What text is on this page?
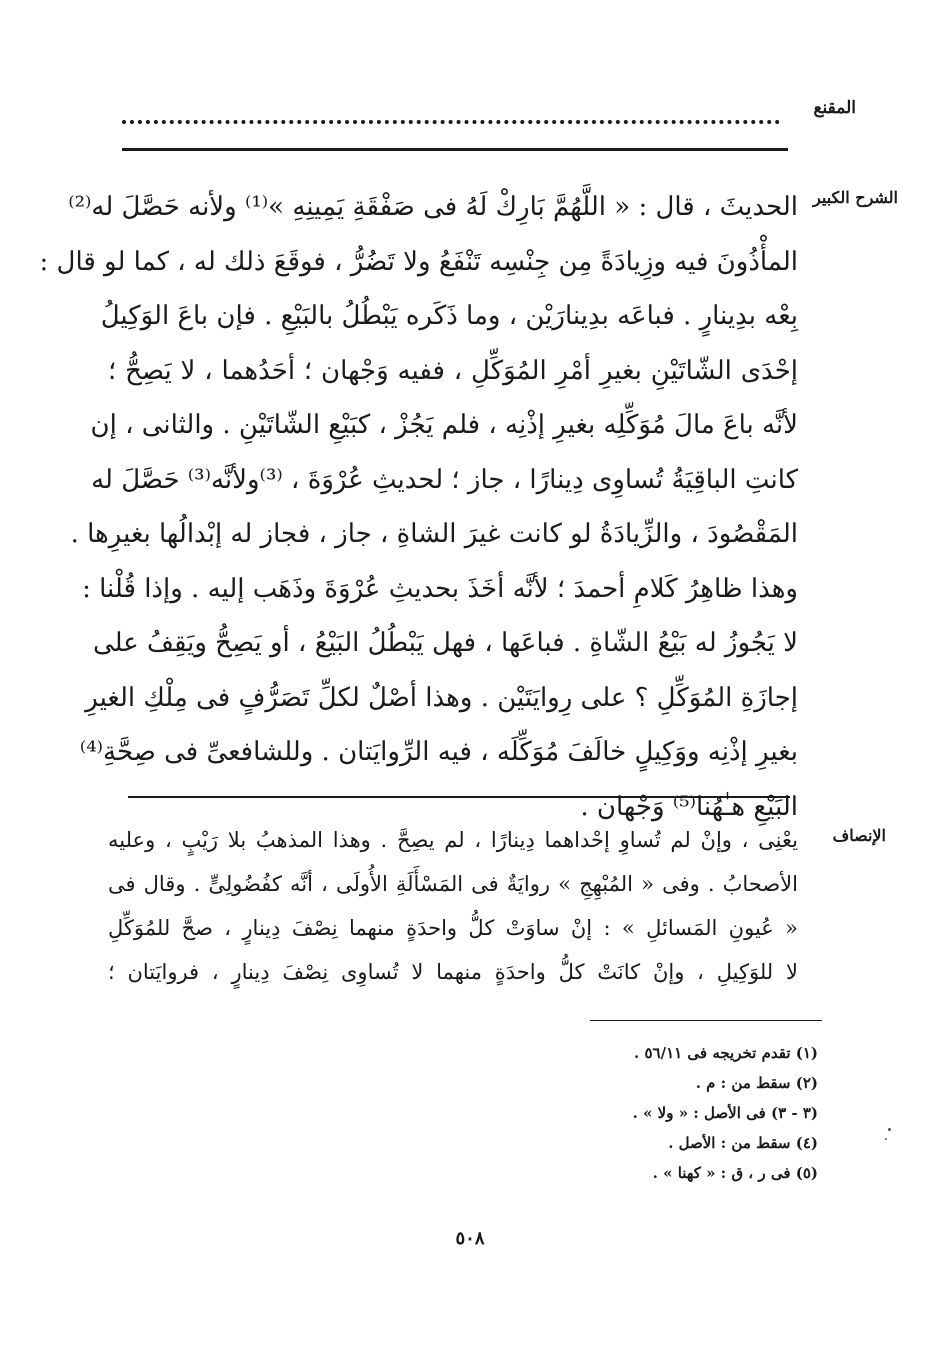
المقنع
الشرح الكبير
الحديثَ ، قال : « اللَّهُمَّ بَارِكْ لَهُ فى صَفْقَةِ يَمِينِهِ »⁽¹⁾ ولأنه حَصَّلَ له⁽²⁾
المأْذُونَ فيه وزِيادَةً مِن جِنْسِه تَنْفَعُ ولا تَضُرُّ ، فوقَعَ ذلك له ، كما لو قال :
بِعْه بدِينارٍ . فباعَه بدِينارَيْن ، وما ذَكَره يَبْطُلُ بالبَيْعِ . فإن باعَ الوَكِيلُ
إحْدَى الشّاتَيْنِ بغيرِ أمْرِ المُوَكِّلِ ، ففيه وَجْهان ؛ أحَدُهما ، لا يَصِحُّ ؛
لأنَّه باعَ مالَ مُوَكِّلِه بغيرِ إذْنِه ، فلم يَجُزْ ، كبَيْعِ الشّاتَيْنِ . والثانى ، إن
كانتِ الباقِيَةُ تُساوِى دِينارًا ، جاز ؛ لحديثِ عُرْوَةَ ، ⁽³⁾ولأنَّه⁽³⁾ حَصَّلَ له
المَقْصُودَ ، والزِّيادَةُ لو كانت غيرَ الشاةِ ، جاز ، فجاز له إبْدالُها بغيرِها .
وهذا ظاهِرُ كَلامِ أحمدَ ؛ لأنَّه أخَذَ بحديثِ عُرْوَةَ وذَهَب إليه . وإذا قُلْنا :
لا يَجُوزُ له بَيْعُ الشّاةِ . فباعَها ، فهل يَبْطُلُ البَيْعُ ، أو يَصِحُّ ويَقِفُ على
إجازَةِ المُوَكِّلِ ؟ على رِوايَتَيْن . وهذا أصْلٌ لكلِّ تَصَرُّفٍ فى مِلْكِ الغيرِ
بغيرِ إذْنِه ووَكِيلٍ خالَفَ مُوَكِّلَه ، فيه الرِّوايَتان . وللشافعىِّ فى صِحَّةِ⁽⁴⁾
البَيْعِ هـٰهُنا⁽⁵⁾ وَجْهان .
الإنصاف
يعْنِى ، وإنْ لم تُساوِ إحْداهما دِينارًا ، لم يصِحَّ . وهذا المذهبُ بلا رَيْبٍ ، وعليه
الأصحابُ . وفى « المُبْهِجِ » روايَةٌ فى المَسْأَلَةِ الأُولَى ، أنَّه كفُضُولِىٍّ . وقال فى
« عُيونِ المَسائلِ » : إنْ ساوَتْ كلُّ واحدَةٍ منهما نِصْفَ دِينارٍ ، صحَّ للمُوَكِّلِ
لا للوَكِيلِ ، وإنْ كانَتْ كلُّ واحدَةٍ منهما لا تُساوِى نِصْفَ دِينارٍ ، فروايَتان ؛
(١) تقدم تخريجه فى ٥٦/١١ .
(٢) سقط من : م .
(٣ - ٣) فى الأصل : « ولا » .
(٤) سقط من : الأصل .
(٥) فى ر ، ق : « كهنا » .
٥٠٨
